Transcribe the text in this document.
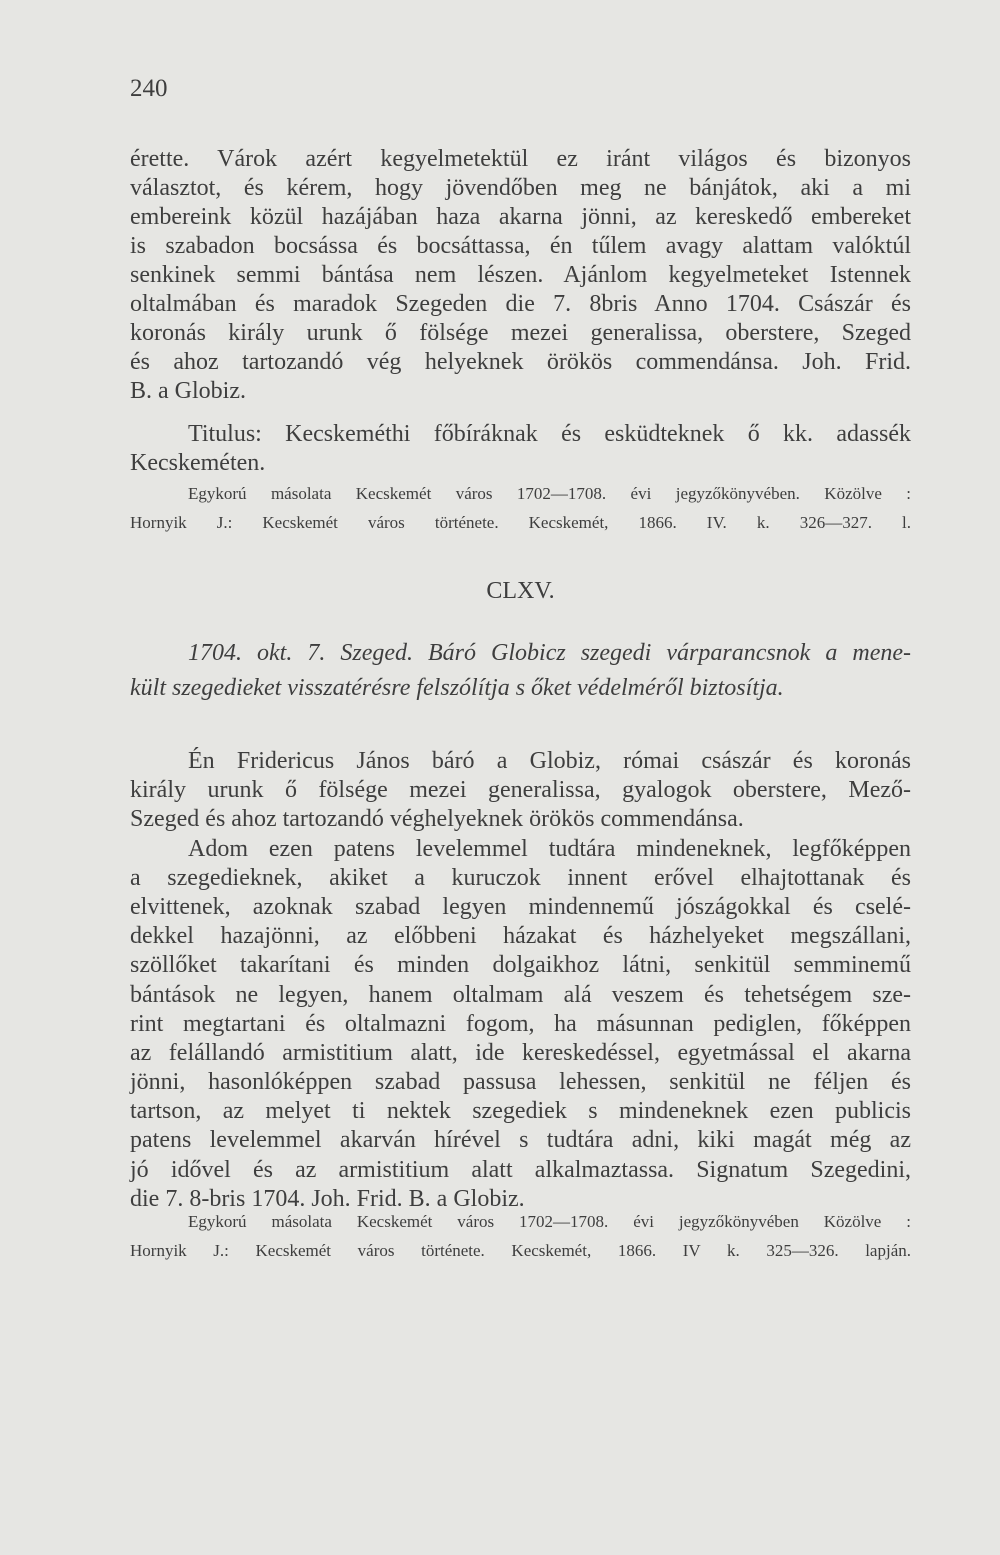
240
érette. Várok azért kegyelmetektül ez iránt világos és bizonyos
választot, és kérem, hogy jövendőben meg ne bánjátok, aki a mi
embereink közül hazájában haza akarna jönni, az kereskedő embereket
is szabadon bocsássa és bocsáttassa, én tűlem avagy alattam valóktúl
senkinek semmi bántása nem lészen. Ajánlom kegyelmeteket Istennek
oltalmában és maradok Szegeden die 7. 8bris Anno 1704. Császár és
koronás király urunk ő fölsége mezei generalissa, oberstere, Szeged
és ahoz tartozandó vég helyeknek örökös commendánsa. Joh. Frid.
B. a Globiz.
Titulus: Kecskeméthi főbíráknak és esküdteknek ő kk. adassék
Kecskeméten.
Egykorú másolata Kecskemét város 1702—1708. évi jegyzőkönyvében. Közölve :
Hornyik J.: Kecskemét város története. Kecskemét, 1866. IV. k. 326—327. l.
CLXV.
1704. okt. 7. Szeged. Báró Globicz szegedi várparancsnok a mene-
kült szegedieket visszatérésre felszólítja s őket védelméről biztosítja.
Én Fridericus János báró a Globiz, római császár és koronás
király urunk ő fölsége mezei generalissa, gyalogok oberstere, Mező-
Szeged és ahoz tartozandó véghelyeknek örökös commendánsa.
Adom ezen patens levelemmel tudtára mindeneknek, legfőképpen
a szegedieknek, akiket a kuruczok innent erővel elhajtottanak és
elvittenek, azoknak szabad legyen mindennemű jószágokkal és cselé-
dekkel hazajönni, az előbbeni házakat és házhelyeket megszállani,
szöllőket takarítani és minden dolgaikhoz látni, senkitül semminemű
bántások ne legyen, hanem oltalmam alá veszem és tehetségem sze-
rint megtartani és oltalmazni fogom, ha másunnan pediglen, főképpen
az felállandó armistitium alatt, ide kereskedéssel, egyetmással el akarna
jönni, hasonlóképpen szabad passusa lehessen, senkitül ne féljen és
tartson, az melyet ti nektek szegediek s mindeneknek ezen publicis
patens levelemmel akarván hírével s tudtára adni, kiki magát még az
jó idővel és az armistitium alatt alkalmaztassa. Signatum Szegedini,
die 7. 8-bris 1704. Joh. Frid. B. a Globiz.
Egykorú másolata Kecskemét város 1702—1708. évi jegyzőkönyvében Közölve :
Hornyik J.: Kecskemét város története. Kecskemét, 1866. IV k. 325—326. lapján.
